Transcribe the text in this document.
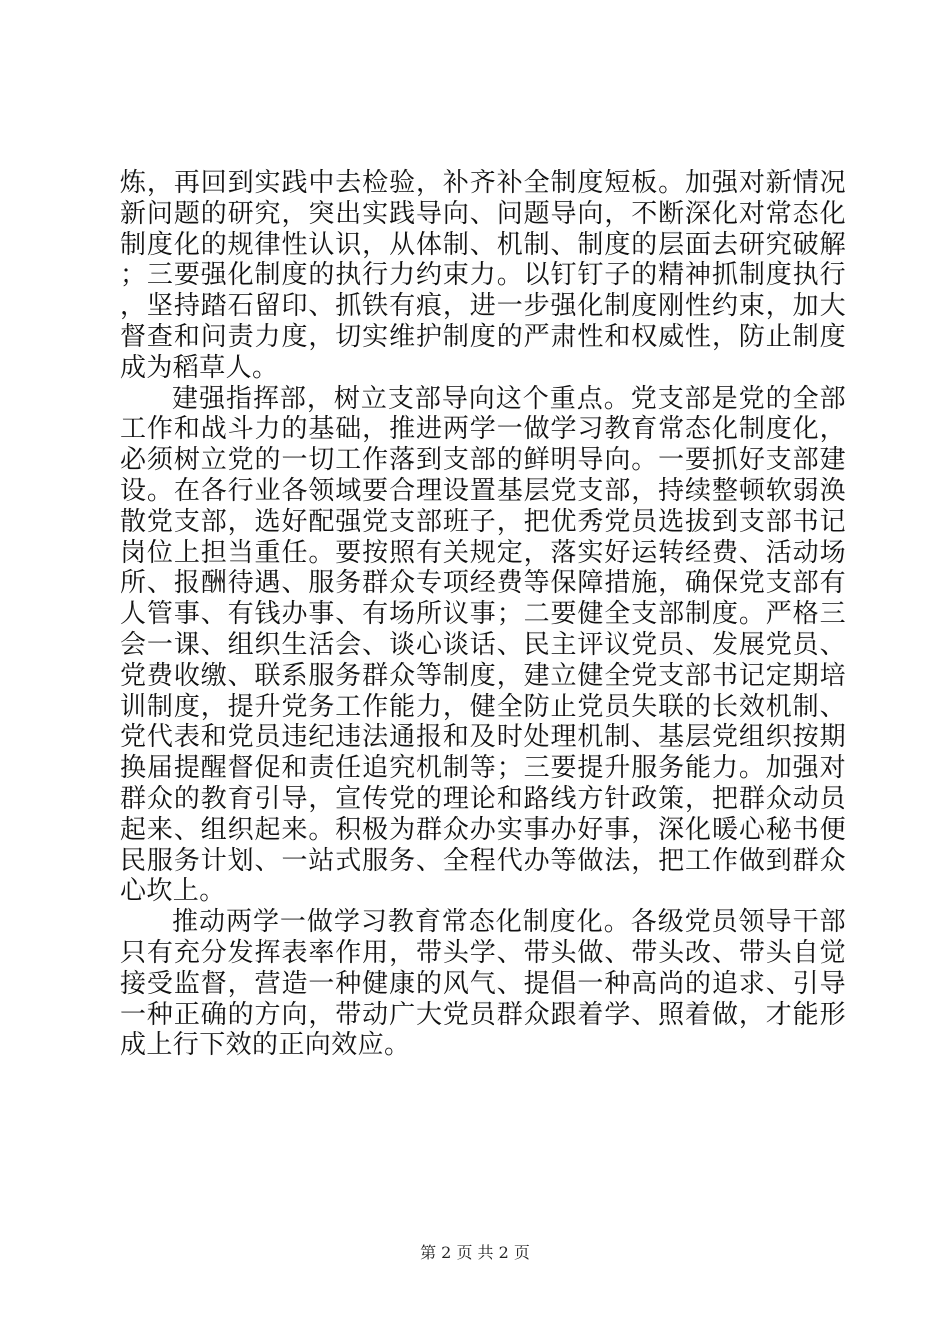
炼，再回到实践中去检验，补齐补全制度短板。加强对新情况新问题的研究，突出实践导向、问题导向，不断深化对常态化制度化的规律性认识，从体制、机制、制度的层面去研究破解；三要强化制度的执行力约束力。以钉钉子的精神抓制度执行，坚持踏石留印、抓铁有痕，进一步强化制度刚性约束，加大督查和问责力度，切实维护制度的严肃性和权威性，防止制度成为稻草人。

建强指挥部，树立支部导向这个重点。党支部是党的全部工作和战斗力的基础，推进两学一做学习教育常态化制度化，必须树立党的一切工作落到支部的鲜明导向。一要抓好支部建设。在各行业各领域要合理设置基层党支部，持续整顿软弱涣散党支部，选好配强党支部班子，把优秀党员选拔到支部书记岗位上担当重任。要按照有关规定，落实好运转经费、活动场所、报酬待遇、服务群众专项经费等保障措施，确保党支部有人管事、有钱办事、有场所议事；二要健全支部制度。严格三会一课、组织生活会、谈心谈话、民主评议党员、发展党员、党费收缴、联系服务群众等制度，建立健全党支部书记定期培训制度，提升党务工作能力，健全防止党员失联的长效机制、党代表和党员违纪违法通报和及时处理机制、基层党组织按期换届提醒督促和责任追究机制等；三要提升服务能力。加强对群众的教育引导，宣传党的理论和路线方针政策，把群众动员起来、组织起来。积极为群众办实事办好事，深化暖心秘书便民服务计划、一站式服务、全程代办等做法，把工作做到群众心坎上。

推动两学一做学习教育常态化制度化。各级党员领导干部只有充分发挥表率作用，带头学、带头做、带头改、带头自觉接受监督，营造一种健康的风气、提倡一种高尚的追求、引导一种正确的方向，带动广大党员群众跟着学、照着做，才能形成上行下效的正向效应。

第 2 页 共 2 页
